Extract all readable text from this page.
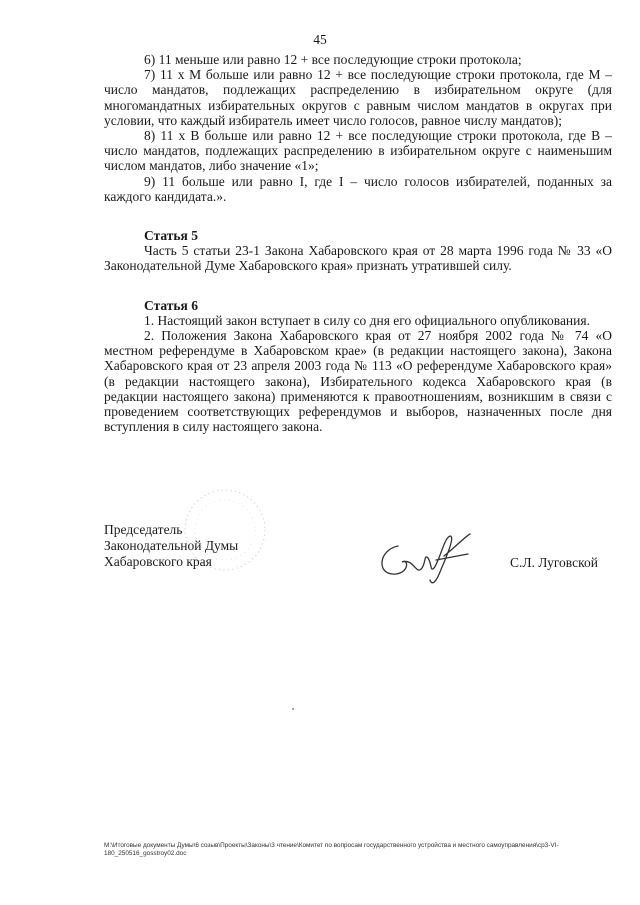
45

6) 11 меньше или равно 12 + все последующие строки протокола;

7) 11 х M больше или равно 12 + все последующие строки протокола, где M – число мандатов, подлежащих распределению в избирательном округе (для многомандатных избирательных округов с равным числом мандатов в округах при условии, что каждый избиратель имеет число голосов, равное числу мандатов);

8) 11 х B больше или равно 12 + все последующие строки протокола, где B – число мандатов, подлежащих распределению в избирательном округе с наименьшим числом мандатов, либо значение «1»;

9) 11 больше или равно I, где I – число голосов избирателей, поданных за каждого кандидата.».

Статья 5

Часть 5 статьи 23-1 Закона Хабаровского края от 28 марта 1996 года № 33 «О Законодательной Думе Хабаровского края» признать утратившей силу.

Статья 6

1. Настоящий закон вступает в силу со дня его официального опубликования.

2. Положения Закона Хабаровского края от 27 ноября 2002 года № 74 «О местном референдуме в Хабаровском крае» (в редакции настоящего закона), Закона Хабаровского края от 23 апреля 2003 года № 113 «О референдуме Хабаровского края» (в редакции настоящего закона), Избирательного кодекса Хабаровского края (в редакции настоящего закона) применяются к правоотношениям, возникшим в связи с проведением соответствующих референдумов и выборов, назначенных после дня вступления в силу настоящего закона.

Председатель
Законодательной Думы
Хабаровского края	С.Л. Луговской
M:\Итоговые документы Думы\6 созыв\Проекты\Законы\3 чтение\Комитет по вопросам государственного устройства и местного самоуправления\cp3-VI-
180_250516_gosstroy02.doc
